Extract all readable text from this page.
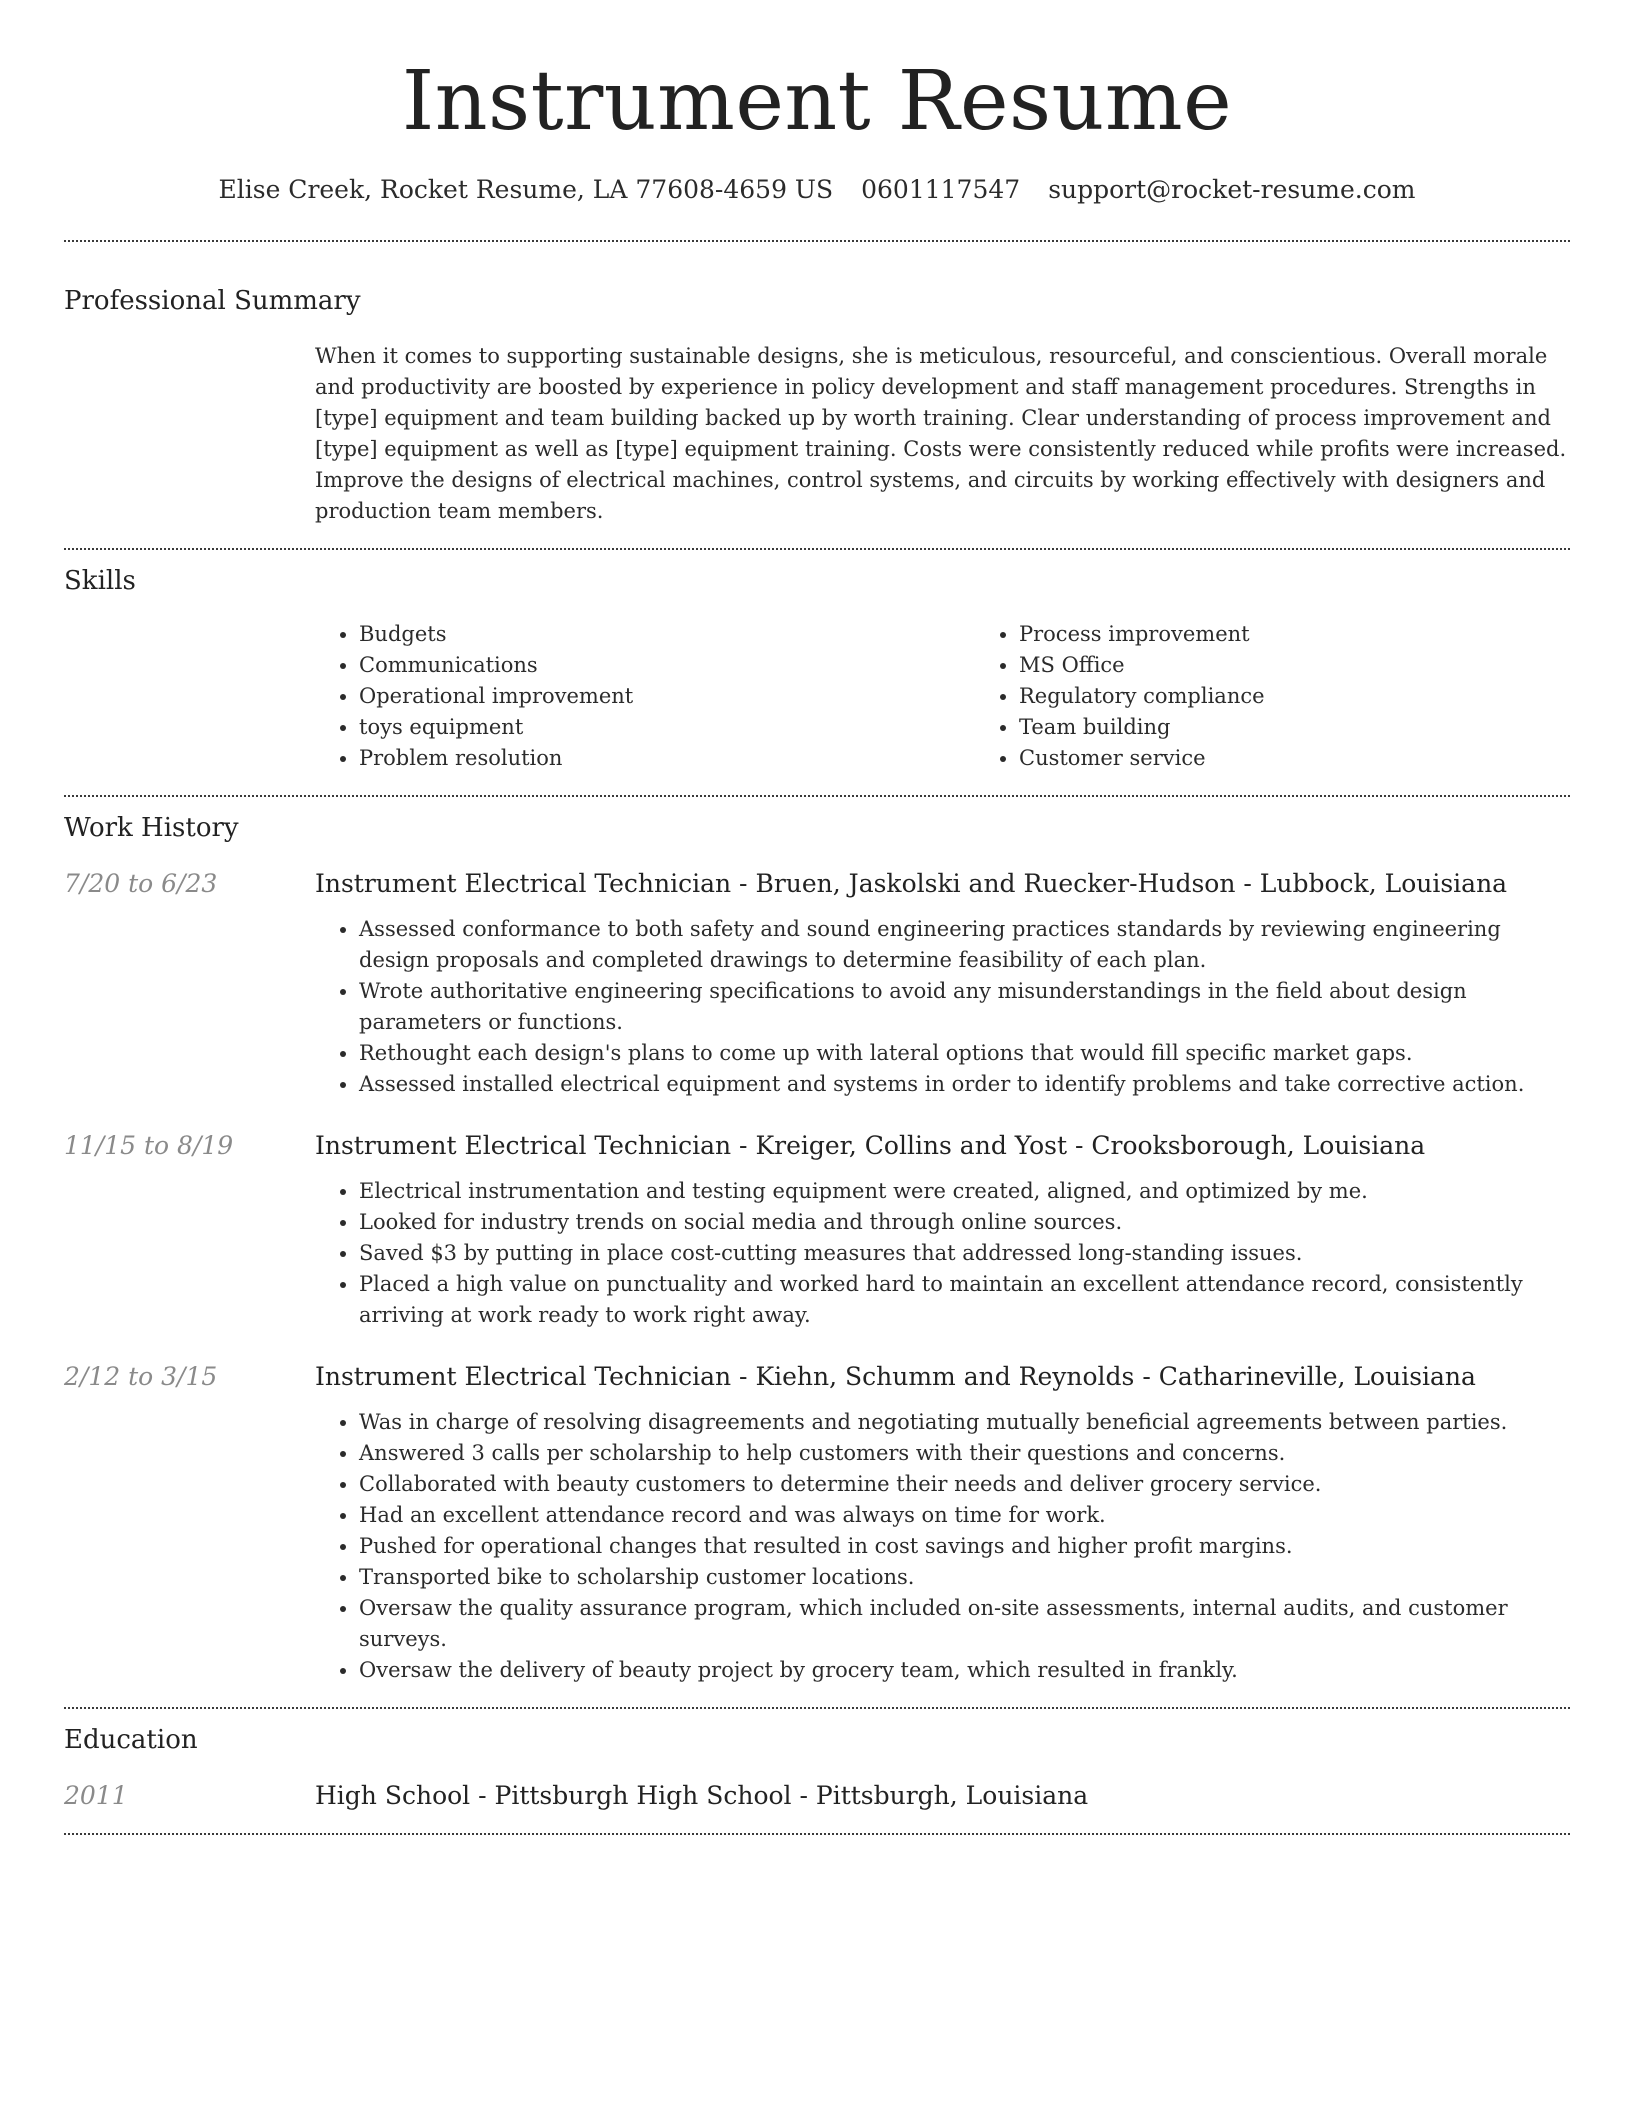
Instrument Resume
Elise Creek, Rocket Resume, LA 77608-4659 US 0601117547 support@rocket-resume.com
Professional Summary

When it comes to supporting sustainable designs, she is meticulous, resourceful, and conscientious. Overall morale and productivity are boosted by experience in policy development and staff management procedures. Strengths in [type] equipment and team building backed up by worth training. Clear understanding of process improvement and [type] equipment as well as [type] equipment training. Costs were consistently reduced while profits were increased. Improve the designs of electrical machines, control systems, and circuits by working effectively with designers and production team members.

Skills
• Budgets
• Communications
• Operational improvement
• toys equipment
• Problem resolution
• Process improvement
• MS Office
• Regulatory compliance
• Team building
• Customer service
Work History
7/20 to 6/23	Instrument Electrical Technician - Bruen, Jaskolski and Ruecker-Hudson - Lubbock, Louisiana

• Assessed conformance to both safety and sound engineering practices standards by reviewing engineering design proposals and completed drawings to determine feasibility of each plan.
• Wrote authoritative engineering specifications to avoid any misunderstandings in the field about design parameters or functions.
• Rethought each design's plans to come up with lateral options that would fill specific market gaps.
• Assessed installed electrical equipment and systems in order to identify problems and take corrective action.
11/15 to 8/19	Instrument Electrical Technician - Kreiger, Collins and Yost - Crooksborough, Louisiana

• Electrical instrumentation and testing equipment were created, aligned, and optimized by me.
• Looked for industry trends on social media and through online sources.
• Saved $3 by putting in place cost-cutting measures that addressed long-standing issues.
• Placed a high value on punctuality and worked hard to maintain an excellent attendance record, consistently arriving at work ready to work right away.
2/12 to 3/15	Instrument Electrical Technician - Kiehn, Schumm and Reynolds - Catharineville, Louisiana

• Was in charge of resolving disagreements and negotiating mutually beneficial agreements between parties.
• Answered 3 calls per scholarship to help customers with their questions and concerns.
• Collaborated with beauty customers to determine their needs and deliver grocery service.
• Had an excellent attendance record and was always on time for work.
• Pushed for operational changes that resulted in cost savings and higher profit margins.
• Transported bike to scholarship customer locations.
• Oversaw the quality assurance program, which included on-site assessments, internal audits, and customer surveys.
• Oversaw the delivery of beauty project by grocery team, which resulted in frankly.
Education
2011	High School - Pittsburgh High School - Pittsburgh, Louisiana
